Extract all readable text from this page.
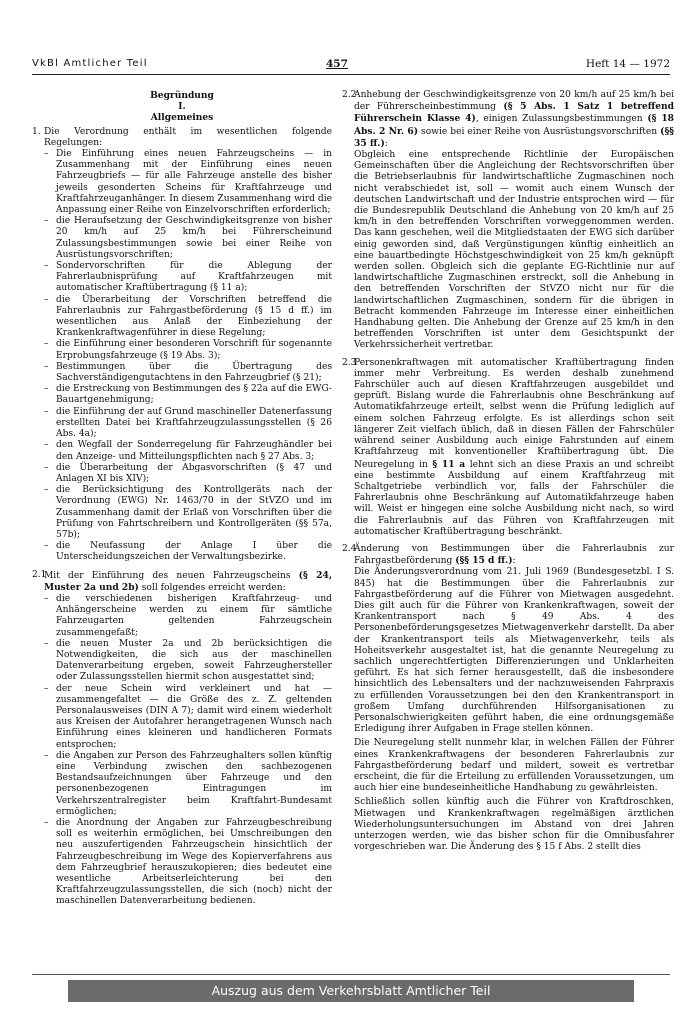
VkBl Amtlicher Teil	457	Heft 14 — 1972
Begründung
I.
Allgemeines
1. Die Verordnung enthält im wesentlichen folgende Regelungen:
– Die Einführung eines neuen Fahrzeugscheins — in Zusammenhang mit der Einführung eines neuen Fahrzeugbriefs — für alle Fahrzeuge anstelle des bisher jeweils gesonderten Scheins für Kraftfahrzeuge und Kraftfahrzeuganhänger. In diesem Zusammenhang wird die Anpassung einer Reihe von Einzelvorschriften erforderlich;
– die Heraufsetzung der Geschwindigkeitsgrenze von bisher 20 km/h auf 25 km/h bei Führerscheinund Zulassungsbestimmungen sowie bei einer Reihe von Ausrüstungsvorschriften;
– Sondervorschriften für die Ablegung der Fahrerlaubnisprüfung auf Kraftfahrzeugen mit automatischer Kraftübertragung (§ 11 a);
– die Überarbeitung der Vorschriften betreffend die Fahrerlaubnis zur Fahrgastbeförderung (§ 15 d ff.) im wesentlichen aus Anlaß der Einbeziehung der Krankenkraftwagenführer in diese Regelung;
– die Einführung einer besonderen Vorschrift für sogenannte Erprobungsfahrzeuge (§ 19 Abs. 3);
– Bestimmungen über die Übertragung des Sachverständigengutachtens in den Fahrzeugbrief (§ 21);
– die Erstreckung von Bestimmungen des § 22a auf die EWG-Bauartgenehmigung;
– die Einführung der auf Grund maschineller Datenerfassung erstellten Datei bei Kraftfahrzeugzulassungsstellen (§ 26 Abs. 4a);
– den Wegfall der Sonderregelung für Fahrzeughändler bei den Anzeige- und Mitteilungspflichten nach § 27 Abs. 3;
– die Überarbeitung der Abgasvorschriften (§ 47 und Anlagen XI bis XIV);
– die Berücksichtigung des Kontrollgeräts nach der Verordnung (EWG) Nr. 1463/70 in der StVZO und im Zusammenhang damit der Erlaß von Vorschriften über die Prüfung von Fahrtschreibern und Kontrollgeräten (§§ 57a, 57b);
– die Neufassung der Anlage I über die Unterscheidungszeichen der Verwaltungsbezirke.
2.1
Mit der Einführung des neuen Fahrzeugscheins (§ 24, Muster 2a und 2b) soll folgendes erreicht werden:
– die verschiedenen bisherigen Kraftfahrzeug- und Anhängerscheine werden zu einem für sämtliche Fahrzeugarten geltenden Fahrzeugschein zusammengefaßt;
– die neuen Muster 2a und 2b berücksichtigen die Notwendigkeiten, die sich aus der maschinellen Datenverarbeitung ergeben, soweit Fahrzeughersteller oder Zulassungsstellen hiermit schon ausgestattet sind;
– der neue Schein wird verkleinert und hat — zusammengefaltet — die Größe des z. Z. geltenden Personalausweises (DIN A 7); damit wird einem wiederholt aus Kreisen der Autofahrer herangetragenen Wunsch nach Einführung eines kleineren und handlicheren Formats entsprochen;
– die Angaben zur Person des Fahrzeughalters sollen künftig eine Verbindung zwischen den sachbezogenen Bestandsaufzeichnungen über Fahrzeuge und den personenbezogenen Eintragungen im Verkehrszentralregister beim Kraftfahrt-Bundesamt ermöglichen;
– die Anordnung der Angaben zur Fahrzeugbeschreibung soll es weiterhin ermöglichen, bei Umschreibungen den neu auszufertigenden Fahrzeugschein hinsichtlich der Fahrzeugbeschreibung im Wege des Kopierverfahrens aus dem Fahrzeugbrief herauszukopieren; dies bedeutet eine wesentliche Arbeitserleichterung bei den Kraftfahrzeugzulassungsstellen, die sich (noch) nicht der maschinellen Datenverarbeitung bedienen.
2.2
Anhebung der Geschwindigkeitsgrenze von 20 km/h auf 25 km/h bei der Führerscheinbestimmung (§ 5 Abs. 1 Satz 1 betreffend Führerschein Klasse 4), einigen Zulassungsbestimmungen (§ 18 Abs. 2 Nr. 6) sowie bei einer Reihe von Ausrüstungsvorschriften (§§ 35 ff.):

Obgleich eine entsprechende Richtlinie der Europäischen Gemeinschaften über die Angleichung der Rechtsvorschriften über die Betriebserlaubnis für landwirtschaftliche Zugmaschinen noch nicht verabschiedet ist, soll — womit auch einem Wunsch der deutschen Landwirtschaft und der Industrie entsprochen wird — für die Bundesrepublik Deutschland die Anhebung von 20 km/h auf 25 km/h in den betreffenden Vorschriften vorweggenommen werden. Das kann geschehen, weil die Mitgliedstaaten der EWG sich darüber einig geworden sind, daß Vergünstigungen künftig einheitlich an eine bauartbedingte Höchstgeschwindigkeit von 25 km/h geknüpft werden sollen. Obgleich sich die geplante EG-Richtlinie nur auf landwirtschaftliche Zugmaschinen erstreckt, soll die Anhebung in den betreffenden Vorschriften der StVZO nicht nur für die landwirtschaftlichen Zugmaschinen, sondern für die übrigen in Betracht kommenden Fahrzeuge im Interesse einer einheitlichen Handhabung gelten. Die Anhebung der Grenze auf 25 km/h in den betreffenden Vorschriften ist unter dem Gesichtspunkt der Verkehrssicherheit vertretbar.

2.3
Personenkraftwagen mit automatischer Kraftübertragung finden immer mehr Verbreitung. Es werden deshalb zunehmend Fahrschüler auch auf diesen Kraftfahrzeugen ausgebildet und geprüft. Bislang wurde die Fahrerlaubnis ohne Beschränkung auf Automatikfahrzeuge erteilt, selbst wenn die Prüfung lediglich auf einem solchen Fahrzeug erfolgte. Es ist allerdings schon seit längerer Zeit vielfach üblich, daß in diesen Fällen der Fahrschüler während seiner Ausbildung auch einige Fahrstunden auf einem Kraftfahrzeug mit konventioneller Kraftübertragung übt. Die Neuregelung in § 11 a lehnt sich an diese Praxis an und schreibt eine bestimmte Ausbildung auf einem Kraftfahrzeug mit Schaltgetriebe verbindlich vor, falls der Fahrschüler die Fahrerlaubnis ohne Beschränkung auf Automatikfahrzeuge haben will. Weist er hingegen eine solche Ausbildung nicht nach, so wird die Fahrerlaubnis auf das Führen von Kraftfahrzeugen mit automatischer Kraftübertragung beschränkt.
2.4
Änderung von Bestimmungen über die Fahrerlaubnis zur Fahrgastbeförderung (§§ 15 d ff.):

Die Änderungsverordnung vom 21. Juli 1969 (Bundesgesetzbl. I S. 845) hat die Bestimmungen über die Fahrerlaubnis zur Fahrgastbeförderung auf die Führer von Mietwagen ausgedehnt. Dies gilt auch für die Führer von Krankenkraftwagen, soweit der Krankentransport nach § 49 Abs. 4 des Personenbeförderungsgesetzes Mietwagenverkehr darstellt. Da aber der Krankentransport teils als Mietwagenverkehr, teils als Hoheitsverkehr ausgestaltet ist, hat die genannte Neuregelung zu sachlich ungerechtfertigten Differenzierungen und Unklarheiten geführt. Es hat sich ferner herausgestellt, daß die insbesondere hinsichtlich des Lebensalters und der nachzuweisenden Fahrpraxis zu erfüllenden Voraussetzungen bei den den Krankentransport in großem Umfang durchführenden Hilfsorganisationen zu Personalschwierigkeiten geführt haben, die eine ordnungsgemäße Erledigung ihrer Aufgaben in Frage stellen können.

Die Neuregelung stellt nunmehr klar, in welchen Fällen der Führer eines Krankenkraftwagens der besonderen Fahrerlaubnis zur Fahrgastbeförderung bedarf und mildert, soweit es vertretbar erscheint, die für die Erteilung zu erfüllenden Voraussetzungen, um auch hier eine bundeseinheitliche Handhabung zu gewährleisten.

Schließlich sollen künftig auch die Führer von Kraftdroschken, Mietwagen und Krankenkraftwagen regelmäßigen ärztlichen Wiederholungsuntersuchungen im Abstand von drei Jahren unterzogen werden, wie das bisher schon für die Omnibusfahrer vorgeschrieben war. Die Änderung des § 15 f Abs. 2 stellt dies

Auszug aus dem Verkehrsblatt Amtlicher Teil
